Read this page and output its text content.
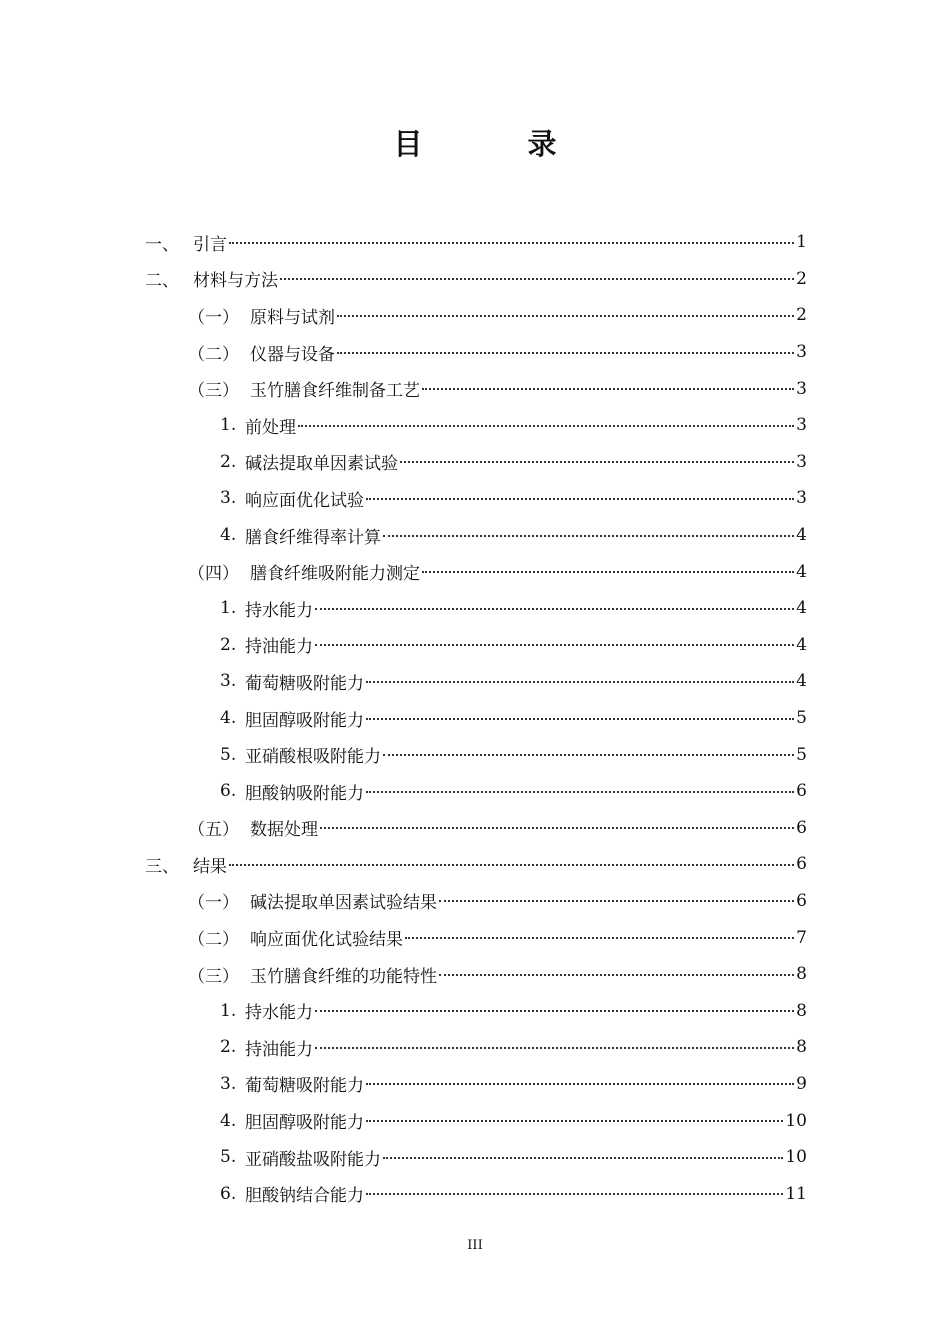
目　录
一、 引言	1
二、 材料与方法	2
（一） 原料与试剂	2
（二） 仪器与设备	3
（三） 玉竹膳食纤维制备工艺	3
1. 前处理	3
2. 碱法提取单因素试验	3
3. 响应面优化试验	3
4. 膳食纤维得率计算	4
（四） 膳食纤维吸附能力测定	4
1. 持水能力	4
2. 持油能力	4
3. 葡萄糖吸附能力	4
4. 胆固醇吸附能力	5
5. 亚硝酸根吸附能力	5
6. 胆酸钠吸附能力	6
（五） 数据处理	6
三、 结果	6
（一） 碱法提取单因素试验结果	6
（二） 响应面优化试验结果	7
（三） 玉竹膳食纤维的功能特性	8
1. 持水能力	8
2. 持油能力	8
3. 葡萄糖吸附能力	9
4. 胆固醇吸附能力	10
5. 亚硝酸盐吸附能力	10
6. 胆酸钠结合能力	11
III
